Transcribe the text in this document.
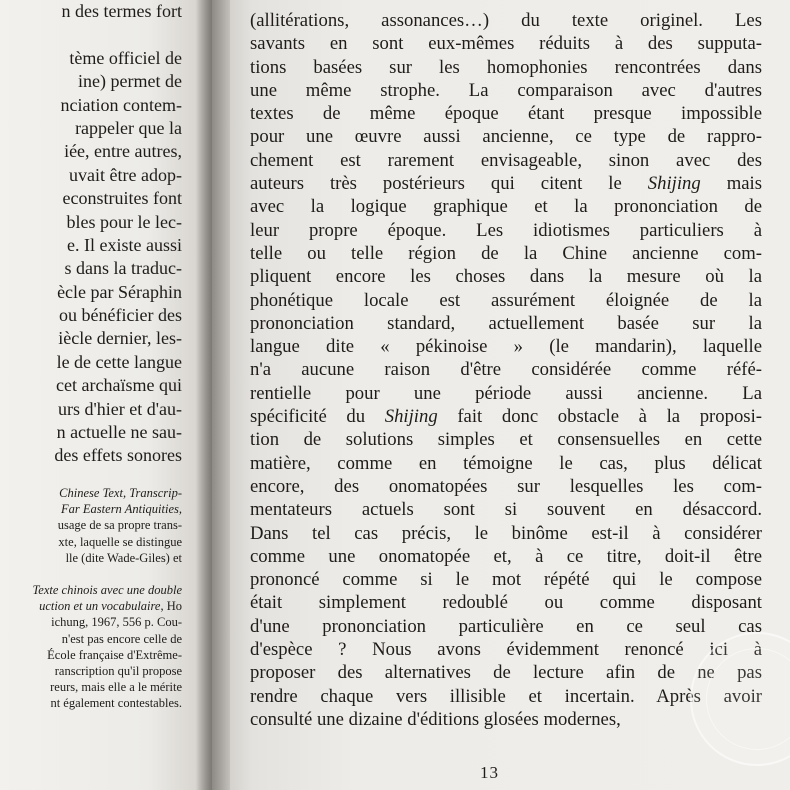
n des termes fort

tème officiel de
ine) permet de
nciation contem-
rappeler que la
iée, entre autres,
uvait être adop-
econstruites font
bles pour le lec-
e. Il existe aussi
s dans la traduc-
ècle par Séraphin
ou bénéficier des
iècle dernier, les-
le de cette langue
cet archaïsme qui
urs d'hier et d'au-
n actuelle ne sau-
des effets sonores
Chinese Text, Transcrip-
Far Eastern Antiquities,
usage de sa propre trans-
xte, laquelle se distingue
lle (dite Wade-Giles) et
Texte chinois avec une double
uction et un vocabulaire, Ho
ichung, 1967, 556 p. Cou-
n'est pas encore celle de
École française d'Extrême-
ranscription qu'il propose
reurs, mais elle a le mérite
nt également contestables.
(allitérations, assonances…) du texte originel. Les
savants en sont eux-mêmes réduits à des supputa-
tions basées sur les homophonies rencontrées dans
une même strophe. La comparaison avec d'autres
textes de même époque étant presque impossible
pour une œuvre aussi ancienne, ce type de rappro-
chement est rarement envisageable, sinon avec des
auteurs très postérieurs qui citent le Shijing mais
avec la logique graphique et la prononciation de
leur propre époque. Les idiotismes particuliers à
telle ou telle région de la Chine ancienne com-
pliquent encore les choses dans la mesure où la
phonétique locale est assurément éloignée de la
prononciation standard, actuellement basée sur la
langue dite « pékinoise » (le mandarin), laquelle
n'a aucune raison d'être considérée comme réfé-
rentielle pour une période aussi ancienne. La
spécificité du Shijing fait donc obstacle à la proposi-
tion de solutions simples et consensuelles en cette
matière, comme en témoigne le cas, plus délicat
encore, des onomatopées sur lesquelles les com-
mentateurs actuels sont si souvent en désaccord.
Dans tel cas précis, le binôme est-il à considérer
comme une onomatopée et, à ce titre, doit-il être
prononcé comme si le mot répété qui le compose
était simplement redoublé ou comme disposant
d'une prononciation particulière en ce seul cas
d'espèce ? Nous avons évidemment renoncé ici à
proposer des alternatives de lecture afin de ne pas
rendre chaque vers illisible et incertain. Après avoir
consulté une dizaine d'éditions glosées modernes,
13
